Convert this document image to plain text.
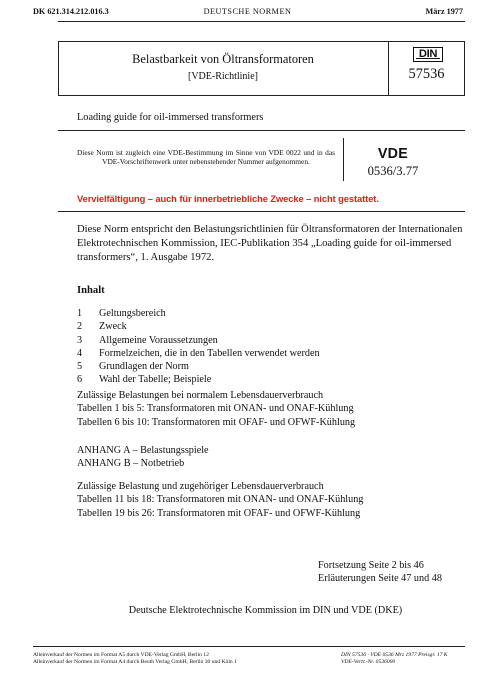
DK 621.314.212.016.3	DEUTSCHE NORMEN	März 1977
Belastbarkeit von Öltransformatoren
[VDE-Richtlinie]
DIN
57536
Loading guide for oil-immersed transformers
Diese Norm ist zugleich eine VDE-Bestimmung im Sinne von VDE 0022 und in das VDE-Vorschriftenwerk unter nebenstehender Nummer aufgenommen.	VDE
0536/3.77
Vervielfältigung – auch für innerbetriebliche Zwecke – nicht gestattet.
Diese Norm entspricht den Belastungsrichtlinien für Öltransformatoren der Internationalen Elektrotechnischen Kommission, IEC-Publikation 354 „Loading guide for oil-immersed transformers“, 1. Ausgabe 1972.
Inhalt
1	Geltungsbereich
2	Zweck
3	Allgemeine Voraussetzungen
4	Formelzeichen, die in den Tabellen verwendet werden
5	Grundlagen der Norm
6	Wahl der Tabelle; Beispiele
Zulässige Belastungen bei normalem Lebensdauerverbrauch
Tabellen 1 bis 5: Transformatoren mit ONAN- und ONAF-Kühlung
Tabellen 6 bis 10: Transformatoren mit OFAF- und OFWF-Kühlung
ANHANG A – Belastungsspiele
ANHANG B – Notbetrieb
Zulässige Belastung und zugehöriger Lebensdauerverbrauch
Tabellen 11 bis 18: Transformatoren mit ONAN- und ONAF-Kühlung
Tabellen 19 bis 26: Transformatoren mit OFAF- und OFWF-Kühlung
Fortsetzung Seite 2 bis 46
Erläuterungen Seite 47 und 48
Deutsche Elektrotechnische Kommission im DIN und VDE (DKE)
Alleinverkauf der Normen im Format A5 durch VDE-Verlag GmbH, Berlin 12
Alleinverkauf der Normen im Format A4 durch Beuth Verlag GmbH, Berlin 30 und Köln 1
DIN 57536 · VDE 0536 Mrz 1977 Preisgr. 17 K
VDE-Vertr.-Nr. 0536000
